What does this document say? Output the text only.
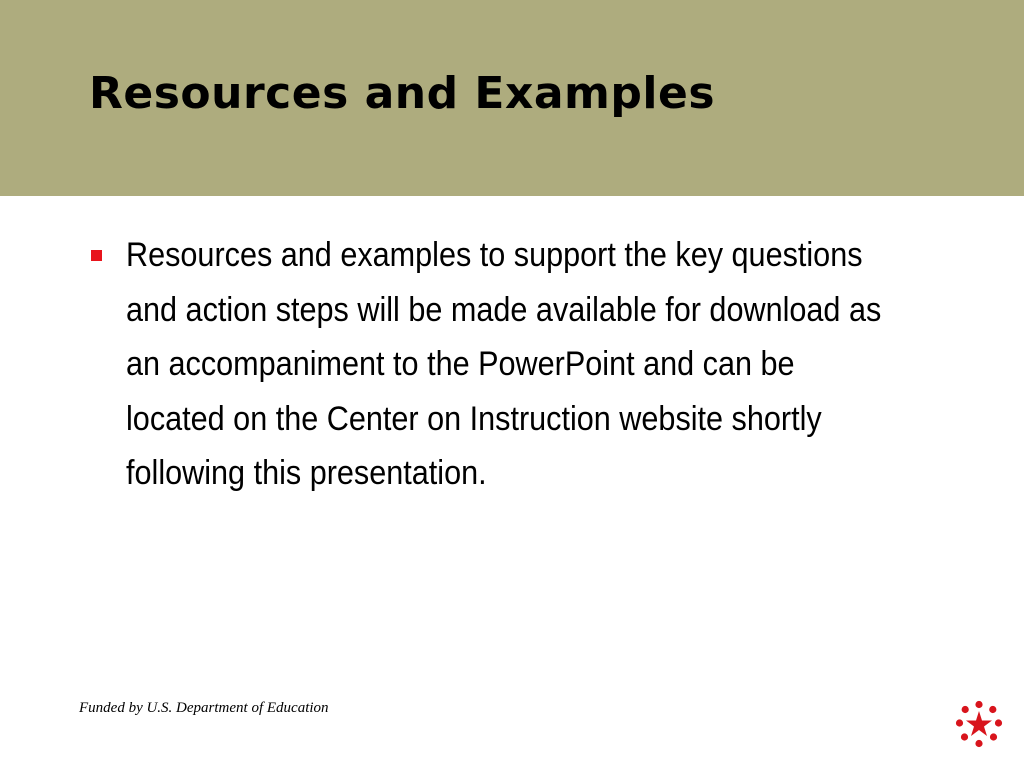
Resources and Examples
Resources and examples to support the key questions and action steps will be made available for download as an accompaniment to the PowerPoint and can be located on the Center on Instruction website shortly following this presentation.
Funded by U.S. Department of Education
